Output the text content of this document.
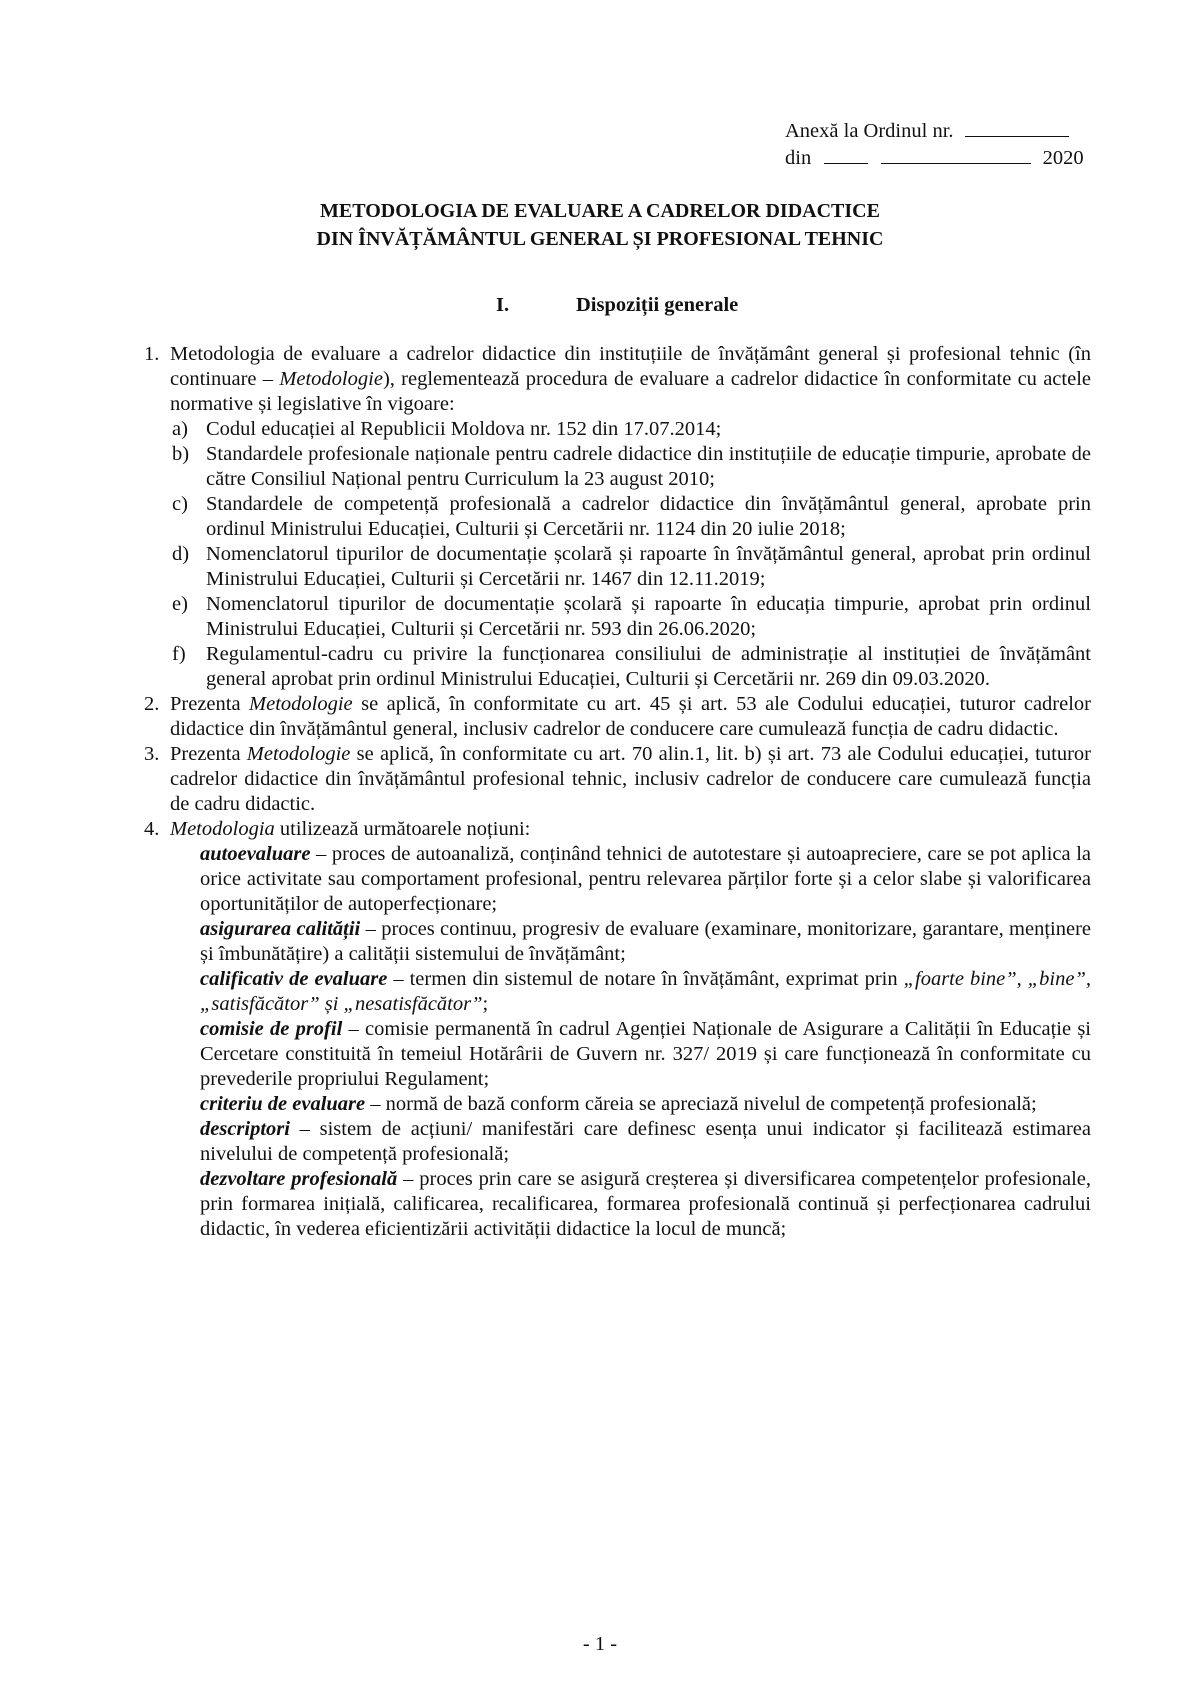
Anexă la Ordinul nr.
din	2020
METODOLOGIA DE EVALUARE A CADRELOR DIDACTICE
DIN ÎNVĂȚĂMÂNTUL GENERAL ȘI PROFESIONAL TEHNIC
I.	Dispoziții generale
1. Metodologia de evaluare a cadrelor didactice din instituțiile de învățământ general și profesional tehnic (în continuare – Metodologie), reglementează procedura de evaluare a cadrelor didactice în conformitate cu actele normative și legislative în vigoare:
a) Codul educației al Republicii Moldova nr. 152 din 17.07.2014;
b) Standardele profesionale naționale pentru cadrele didactice din instituțiile de educație timpurie, aprobate de către Consiliul Național pentru Curriculum la 23 august 2010;
c) Standardele de competență profesională a cadrelor didactice din învățământul general, aprobate prin ordinul Ministrului Educației, Culturii și Cercetării nr. 1124 din 20 iulie 2018;
d) Nomenclatorul tipurilor de documentație școlară și rapoarte în învățământul general, aprobat prin ordinul Ministrului Educației, Culturii și Cercetării nr. 1467 din 12.11.2019;
e) Nomenclatorul tipurilor de documentație școlară și rapoarte în educația timpurie, aprobat prin ordinul Ministrului Educației, Culturii și Cercetării nr. 593 din 26.06.2020;
f) Regulamentul-cadru cu privire la funcționarea consiliului de administrație al instituției de învățământ general aprobat prin ordinul Ministrului Educației, Culturii și Cercetării nr. 269 din 09.03.2020.
2. Prezenta Metodologie se aplică, în conformitate cu art. 45 și art. 53 ale Codului educației, tuturor cadrelor didactice din învățământul general, inclusiv cadrelor de conducere care cumulează funcția de cadru didactic.
3. Prezenta Metodologie se aplică, în conformitate cu art. 70 alin.1, lit. b) și art. 73 ale Codului educației, tuturor cadrelor didactice din învățământul profesional tehnic, inclusiv cadrelor de conducere care cumulează funcția de cadru didactic.
4. Metodologia utilizează următoarele noțiuni:
autoevaluare – proces de autoanaliză, conținând tehnici de autotestare și autoapreciere, care se pot aplica la orice activitate sau comportament profesional, pentru relevarea părților forte și a celor slabe și valorificarea oportunităților de autoperfecționare;
asigurarea calității – proces continuu, progresiv de evaluare (examinare, monitorizare, garantare, menținere și îmbunătățire) a calității sistemului de învățământ;
calificativ de evaluare – termen din sistemul de notare în învățământ, exprimat prin „foarte bine”, „bine”, „satisfăcător” și „nesatisfăcător”;
comisie de profil – comisie permanentă în cadrul Agenției Naționale de Asigurare a Calității în Educație și Cercetare constituită în temeiul Hotărârii de Guvern nr. 327/ 2019 și care funcționează în conformitate cu prevederile propriului Regulament;
criteriu de evaluare – normă de bază conform căreia se apreciază nivelul de competență profesională;
descriptori – sistem de acțiuni/ manifestări care definesc esența unui indicator și facilitează estimarea nivelului de competență profesională;
dezvoltare profesională – proces prin care se asigură creșterea și diversificarea competențelor profesionale, prin formarea inițială, calificarea, recalificarea, formarea profesională continuă și perfecționarea cadrului didactic, în vederea eficientizării activității didactice la locul de muncă;
- 1 -
